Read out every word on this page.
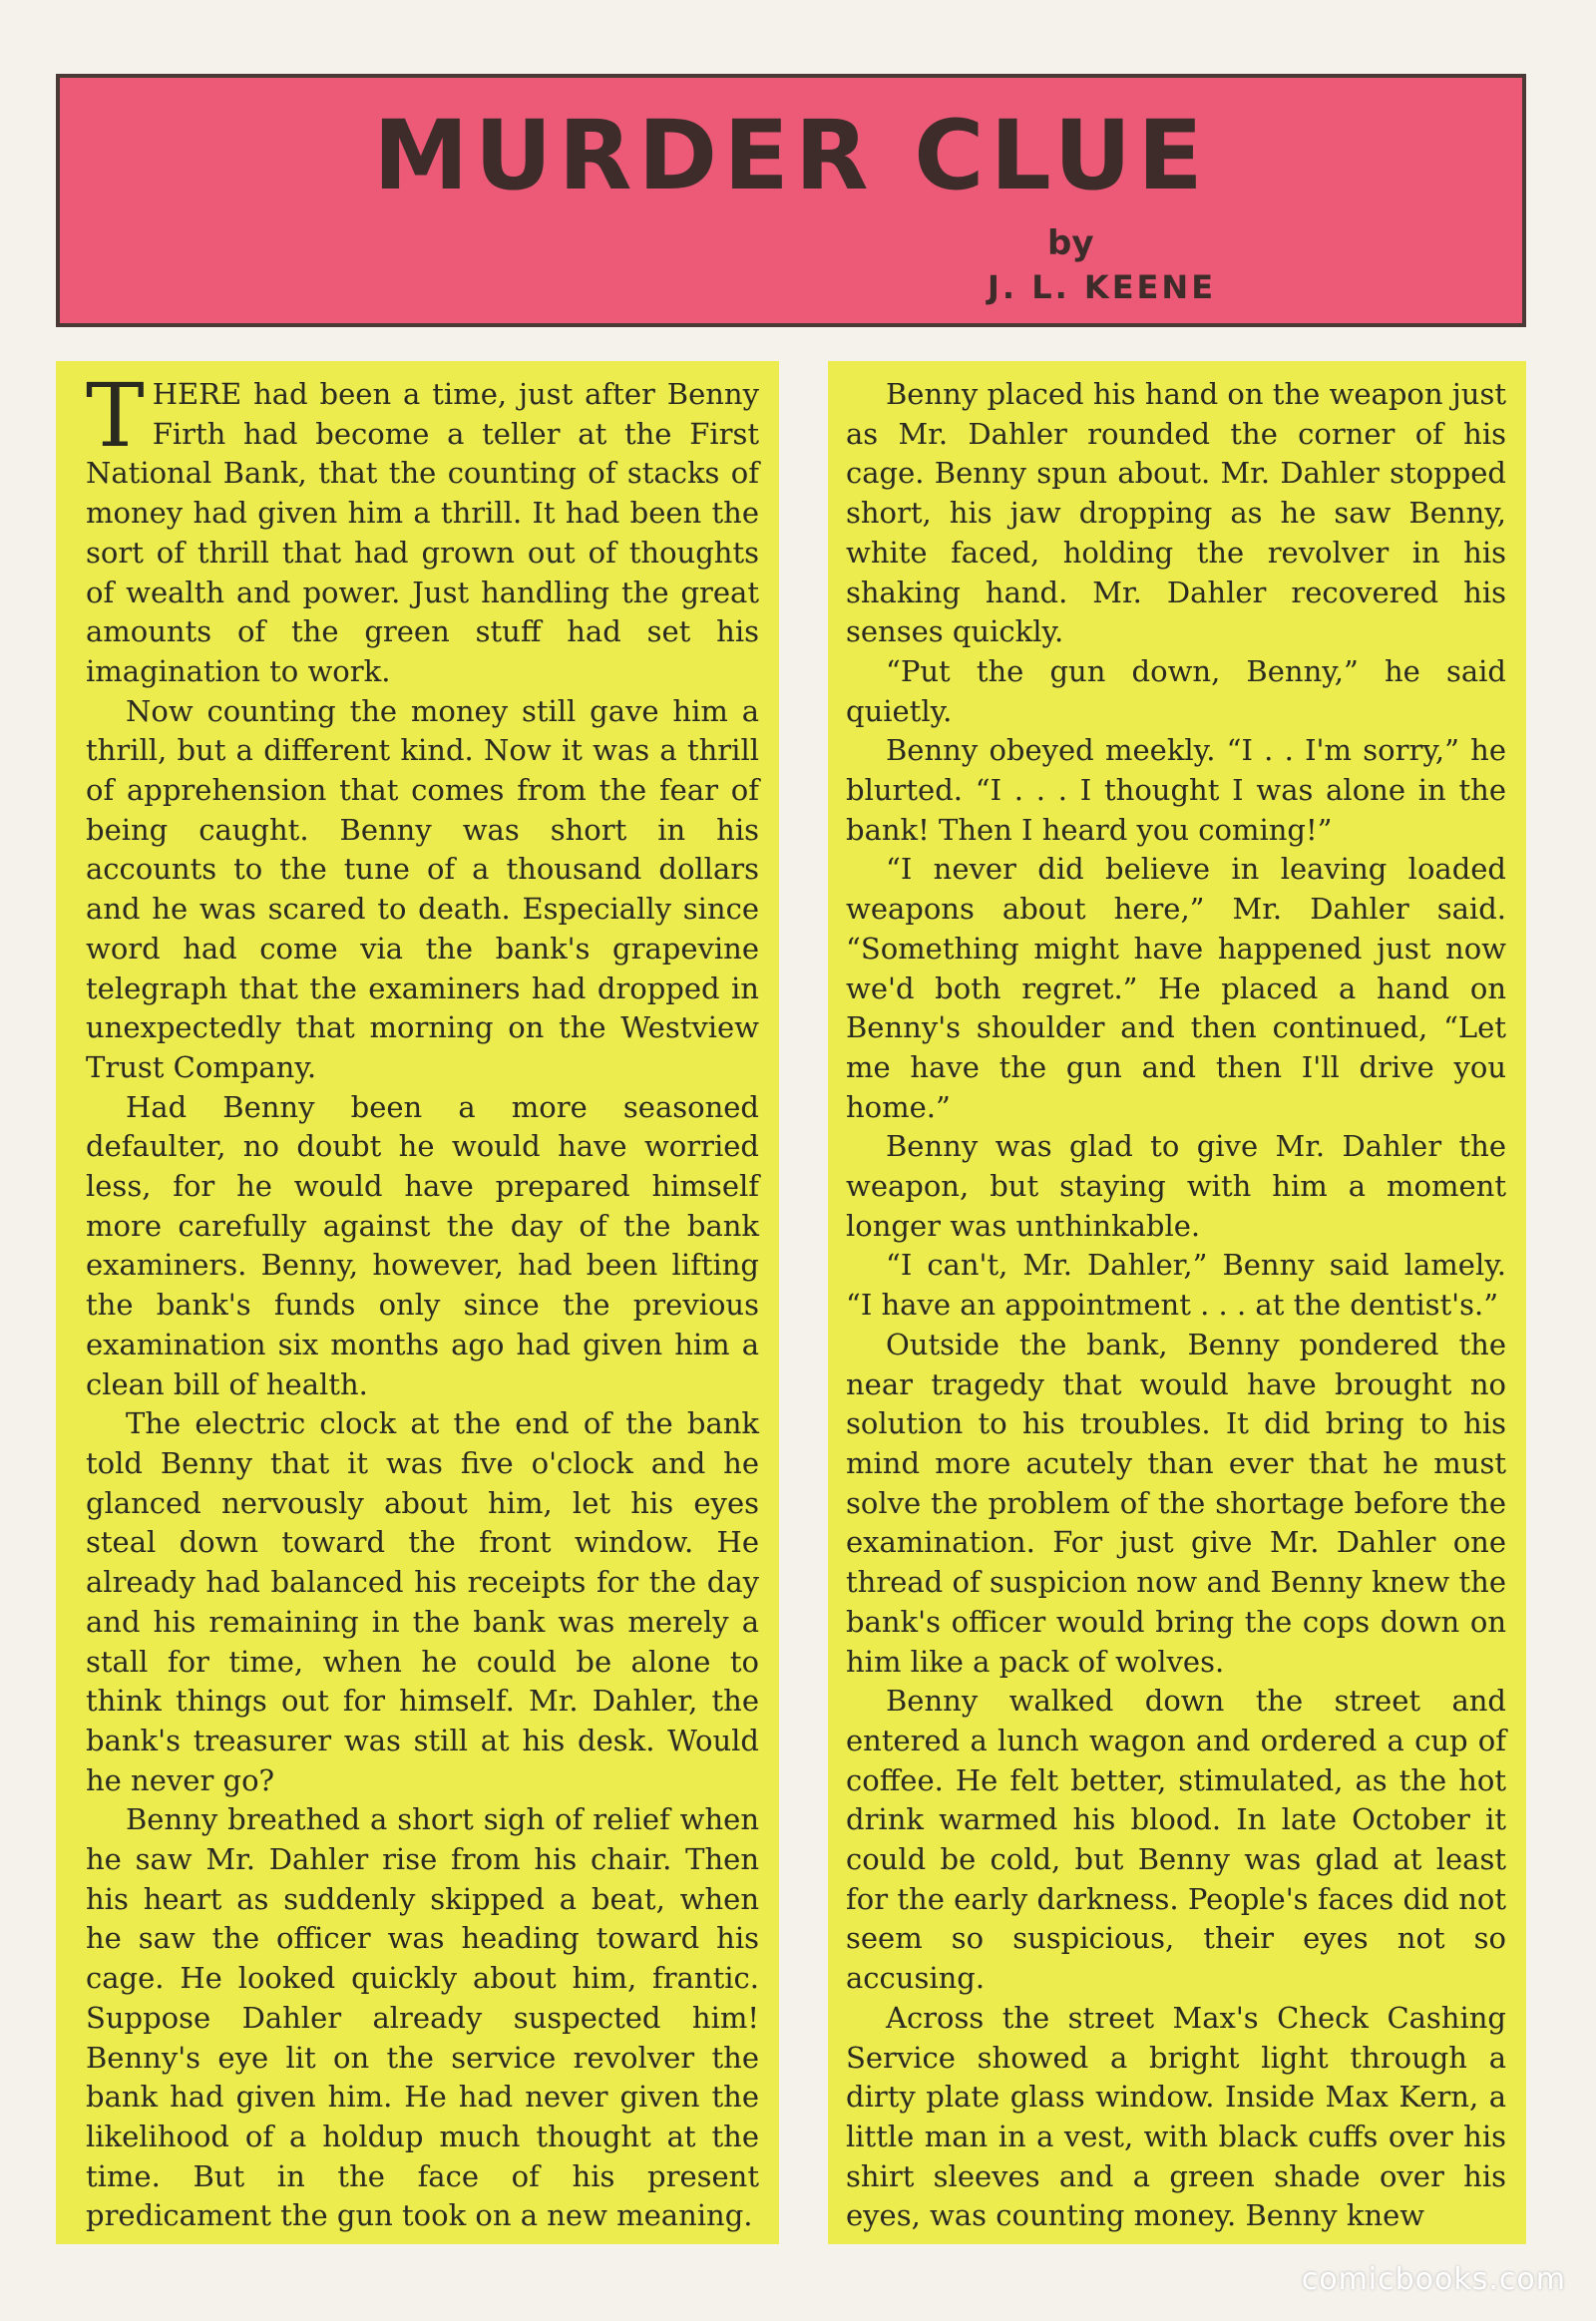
MURDER CLUE
by
J. L. KEENE

THERE had been a time, just after Benny Firth had become a teller at the First National Bank, that the counting of stacks of money had given him a thrill. It had been the sort of thrill that had grown out of thoughts of wealth and power. Just handling the great amounts of the green stuff had set his imagination to work.

Now counting the money still gave him a thrill, but a different kind. Now it was a thrill of apprehension that comes from the fear of being caught. Benny was short in his accounts to the tune of a thousand dollars and he was scared to death. Especially since word had come via the bank's grapevine telegraph that the examiners had dropped in unexpectedly that morning on the Westview Trust Company.

Had Benny been a more seasoned defaulter, no doubt he would have worried less, for he would have prepared himself more carefully against the day of the bank examiners. Benny, however, had been lifting the bank's funds only since the previous examination six months ago had given him a clean bill of health.

The electric clock at the end of the bank told Benny that it was five o'clock and he glanced nervously about him, let his eyes steal down toward the front window. He already had balanced his receipts for the day and his remaining in the bank was merely a stall for time, when he could be alone to think things out for himself. Mr. Dahler, the bank's treasurer was still at his desk. Would he never go?

Benny breathed a short sigh of relief when he saw Mr. Dahler rise from his chair. Then his heart as suddenly skipped a beat, when he saw the officer was heading toward his cage. He looked quickly about him, frantic. Suppose Dahler already suspected him! Benny's eye lit on the service revolver the bank had given him. He had never given the likelihood of a holdup much thought at the time. But in the face of his present predicament the gun took on a new meaning.

Benny placed his hand on the weapon just as Mr. Dahler rounded the corner of his cage. Benny spun about. Mr. Dahler stopped short, his jaw dropping as he saw Benny, white faced, holding the revolver in his shaking hand. Mr. Dahler recovered his senses quickly.

“Put the gun down, Benny,” he said quietly.

Benny obeyed meekly. “I . . I'm sorry,” he blurted. “I . . . I thought I was alone in the bank! Then I heard you coming!”

“I never did believe in leaving loaded weapons about here,” Mr. Dahler said. “Something might have happened just now we'd both regret.” He placed a hand on Benny's shoulder and then continued, “Let me have the gun and then I'll drive you home.”

Benny was glad to give Mr. Dahler the weapon, but staying with him a moment longer was unthinkable.

“I can't, Mr. Dahler,” Benny said lamely. “I have an appointment . . . at the dentist's.”

Outside the bank, Benny pondered the near tragedy that would have brought no solution to his troubles. It did bring to his mind more acutely than ever that he must solve the problem of the shortage before the examination. For just give Mr. Dahler one thread of suspicion now and Benny knew the bank's officer would bring the cops down on him like a pack of wolves.

Benny walked down the street and entered a lunch wagon and ordered a cup of coffee. He felt better, stimulated, as the hot drink warmed his blood. In late October it could be cold, but Benny was glad at least for the early darkness. People's faces did not seem so suspicious, their eyes not so accusing.

Across the street Max's Check Cashing Service showed a bright light through a dirty plate glass window. Inside Max Kern, a little man in a vest, with black cuffs over his shirt sleeves and a green shade over his eyes, was counting money. Benny knew

comicbooks.com
